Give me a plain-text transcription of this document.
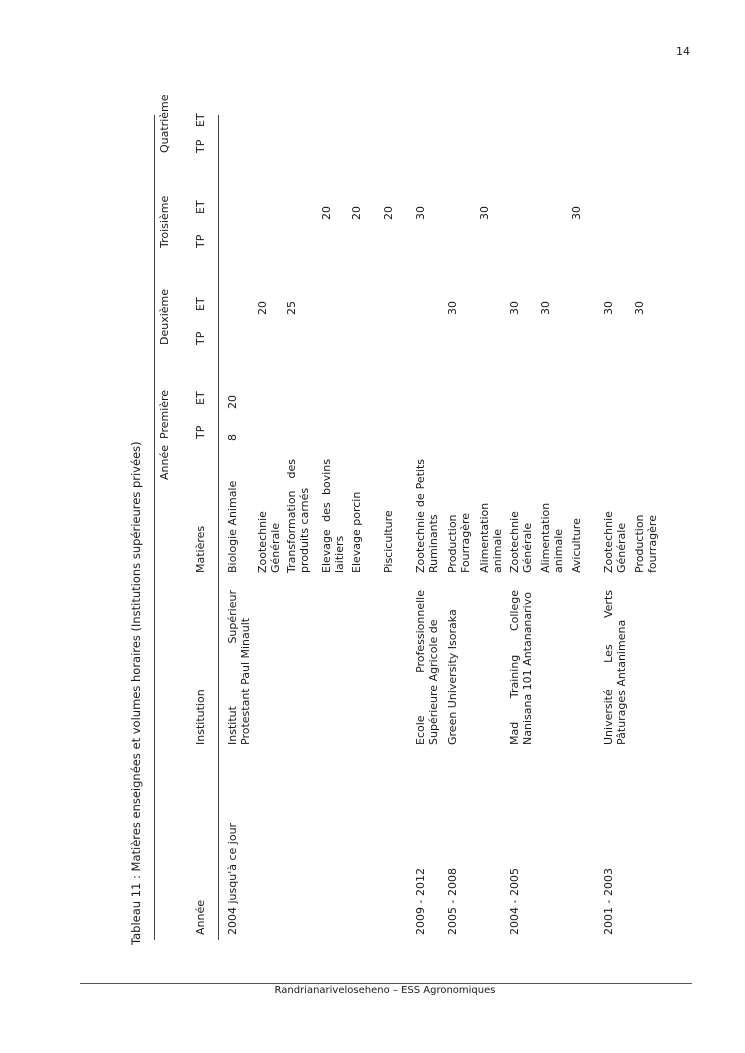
14
Tableau 11 : Matières enseignées et volumes horaires (Institutions supérieures privées) Année
Première
Deuxième
Troisième
Quatrième
Année
Institution
Matières
TP
ET
TP
ET
TP
ET
TP
ET
2004 jusqu'à ce jour
Institut Supérieur Protestant Paul Minault
Biologie Animale
8
20
Zootechnie Générale
20
Transformation des produits carnés
25
Elevage des bovins laitiers
20
Elevage porcin
20
Pisciculture
20
2009 - 2012
Ecole Professionnelle Supérieure Agricole de
Zootechnie de Petits Ruminants
30
2005 - 2008
Green University Isoraka
Production Fourragère
30
Alimentation animale
30
2004 - 2005
Mad Training College Nanisana 101 Antananarivo
Zootechnie Générale
30
Alimentation animale
30
Aviculture
30
2001 - 2003
Université Les Verts Pâturages Antanimena
Zootechnie Générale
30
Production fourragère
30
Randrianariveloseheno – ESS Agronomiques
